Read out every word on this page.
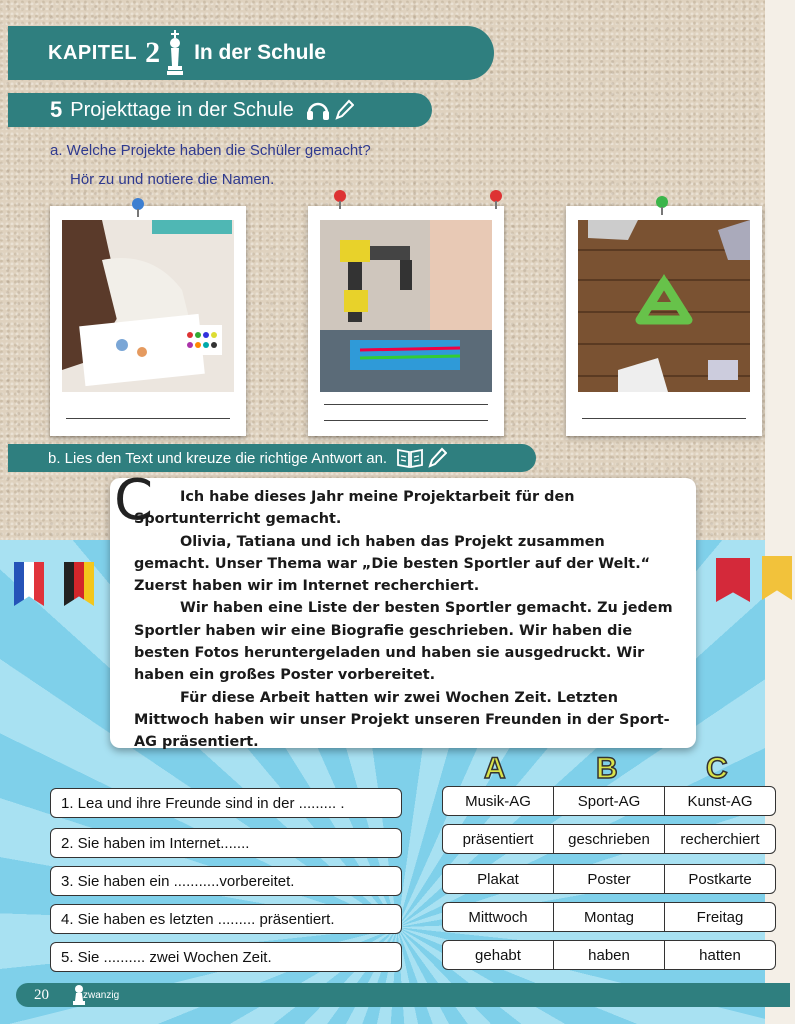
KAPITEL 2 In der Schule
5 Projekttage in der Schule
a. Welche Projekte haben die Schüler gemacht?
Hör zu und notiere die Namen.
b. Lies den Text und kreuze die richtige Antwort an.
C	Ich habe dieses Jahr meine Projektarbeit für den Sportunterricht gemacht.

Olivia, Tatiana und ich haben das Projekt zusammen gemacht. Unser Thema war „Die besten Sportler auf der Welt.“ Zuerst haben wir im Internet recherchiert.

Wir haben eine Liste der besten Sportler gemacht. Zu jedem Sportler haben wir eine Biografie geschrieben. Wir haben die besten Fotos heruntergeladen und haben sie ausgedruckt. Wir haben ein großes Poster vorbereitet.

Für diese Arbeit hatten wir zwei Wochen Zeit. Letzten Mittwoch haben wir unser Projekt unseren Freunden in der Sport-AG präsentiert.

A	B	C
1. Lea und ihre Freunde sind in der ......... .
2. Sie haben im Internet.......
3. Sie haben ein ...........vorbereitet.
4. Sie haben es letzten ......... präsentiert.
5. Sie .......... zwei Wochen Zeit.
Musik-AG	Sport-AG	Kunst-AG
präsentiert	geschrieben	recherchiert
Plakat	Poster	Postkarte
Mittwoch	Montag	Freitag
gehabt	haben	hatten
20	zwanzig
